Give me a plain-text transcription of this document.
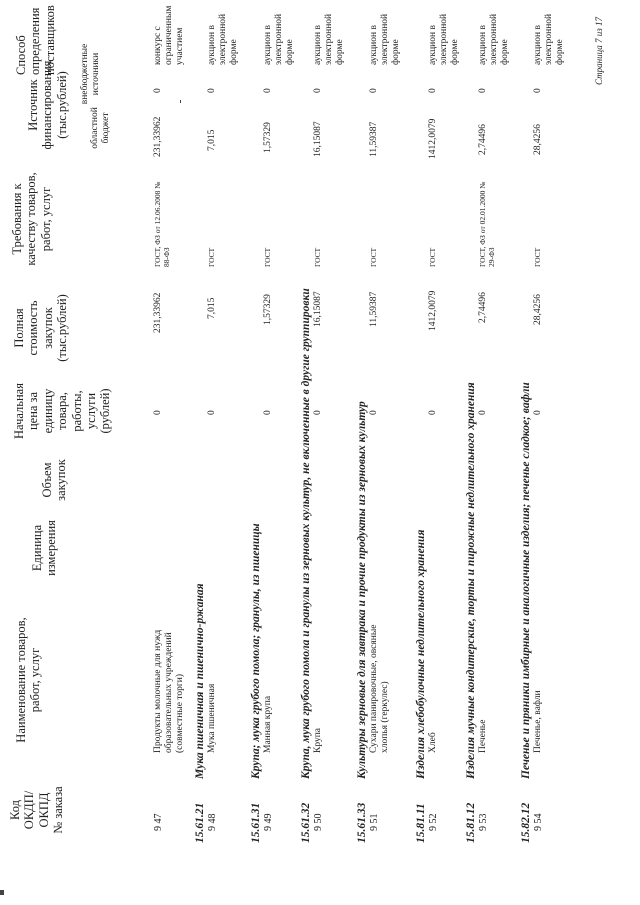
Код ОКДП/ ОКПД № заказа
Наименование товаров, работ, услуг
Единица измерения
Объем закупок
Начальная цена за единицу товара, работы, услуги (рублей)
Полная стоимость закупок (тыс.рублей)
Требования к качеству товаров, работ, услуг
Источник финансирования (тыс.рублей) областной бюджет
внебюджетные источники
Способ определения поставщиков
9 47
Продукты молочные для нужд образовательных учреждений (совместные торги)
0
231,33962
ГОСТ, ФЗ от 12.06.2008 № 88-ФЗ
231,33962
0
конкурс с ограниченным участием
15.61.21
Мука пшеничная и пшенично-ржаная
9 48
Мука пшеничная
0
7,015
ГОСТ
7,015
0
аукцион в электронной форме
15.61.31
Крупа; мука грубого помола; гранулы, из пшеницы
9 49
Манная крупа
0
1,57329
ГОСТ
1,57329
0
аукцион в электронной форме
15.61.32
Крупа, мука грубого помола и гранулы из зерновых культур, не включенные в другие группировки
9 50
Крупа
0
16,15087
ГОСТ
16,15087
0
аукцион в электронной форме
15.61.33
Культуры зерновые для завтрака и прочие продукты из зерновых культур
9 51
Сухари панировочные, овсяные хлопья (геркулес)
0
11,59387
ГОСТ
11,59387
0
аукцион в электронной форме
15.81.11
Изделия хлебобулочные недлительного хранения
9 52
Хлеб
0
1412,0079
ГОСТ
1412,0079
0
аукцион в электронной форме
15.81.12
Изделия мучные кондитерские, торты и пирожные недлительного хранения
9 53
Печенье
0
2,74496
ГОСТ, ФЗ от 02.01.2000 № 29-ФЗ
2,74496
0
аукцион в электронной форме
15.82.12
Печенье и пряники имбирные и аналогичные изделия; печенье сладкое; вафли
9 54
Печенье, вафли
0
28,4256
ГОСТ
28,4256
0
аукцион в электронной форме	Страница 7 из 17
